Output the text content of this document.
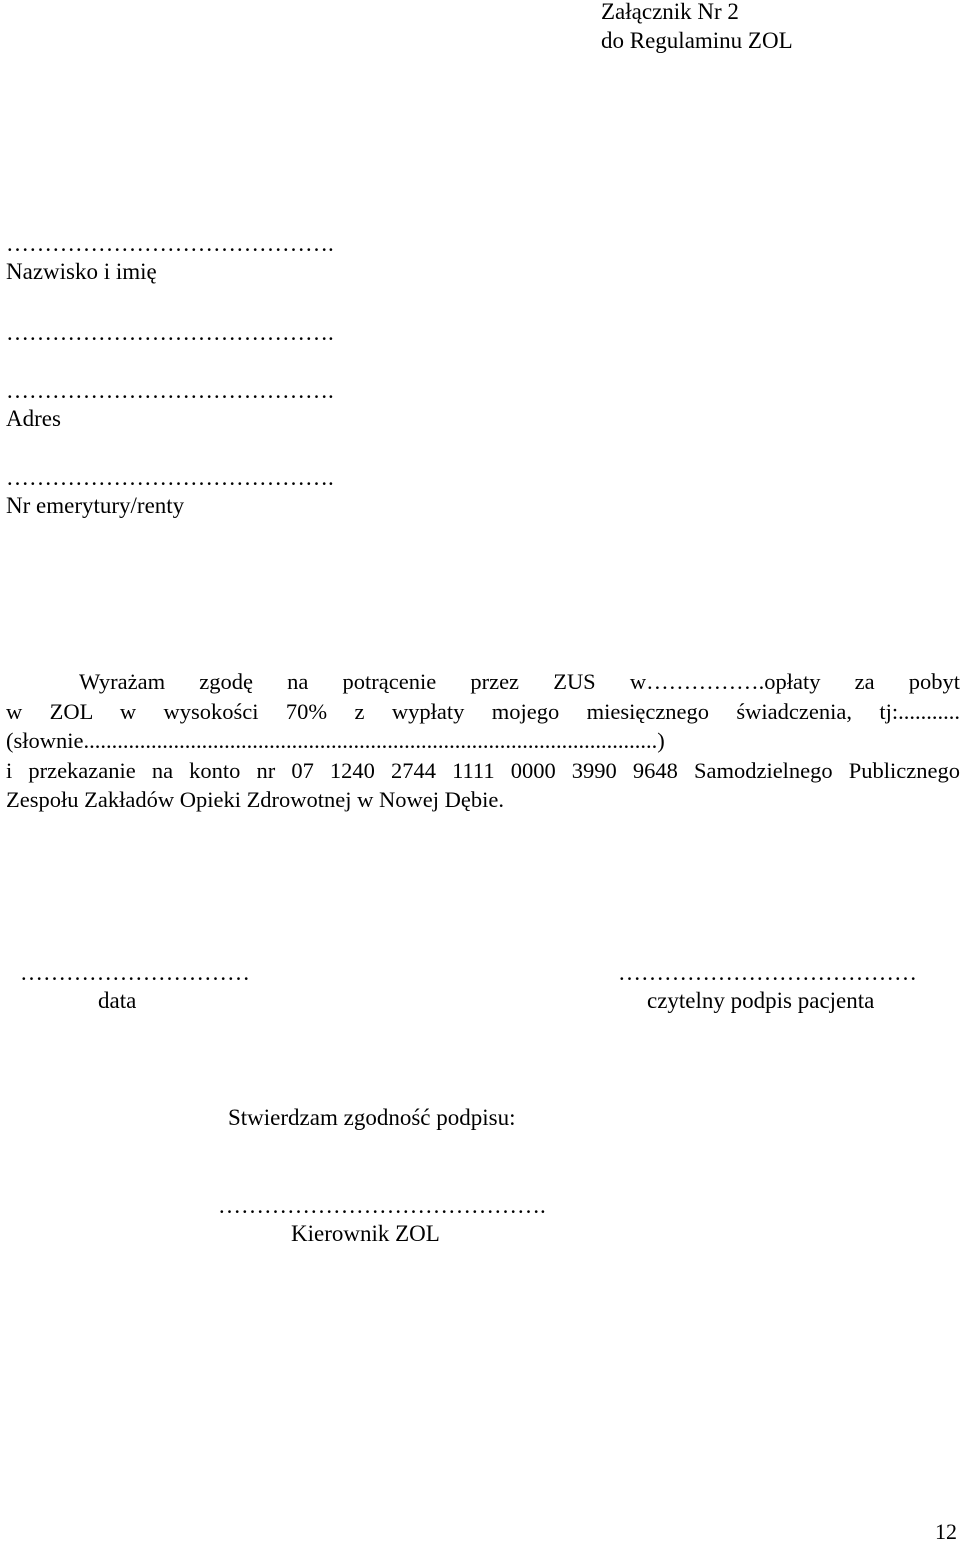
Załącznik Nr 2
do Regulaminu ZOL
…………………………………….
Nazwisko i imię
…………………………………….
…………………………………….
Adres
…………………………………….
Nr emerytury/renty

Wyrażam zgodę na potrącenie przez ZUS w…………….opłaty za pobyt

w ZOL w wysokości 70% z wypłaty mojego miesięcznego świadczenia, tj:...........

(słownie......................................................................................................)

i przekazanie na konto nr 07 1240 2744 1111 0000 3990 9648 Samodzielnego Publicznego

Zespołu Zakładów Opieki Zdrowotnej w Nowej Dębie.

…………………………
data
…………………………………
czytelny podpis pacjenta
Stwierdzam zgodność podpisu:
…………………………………….
Kierownik ZOL
12
